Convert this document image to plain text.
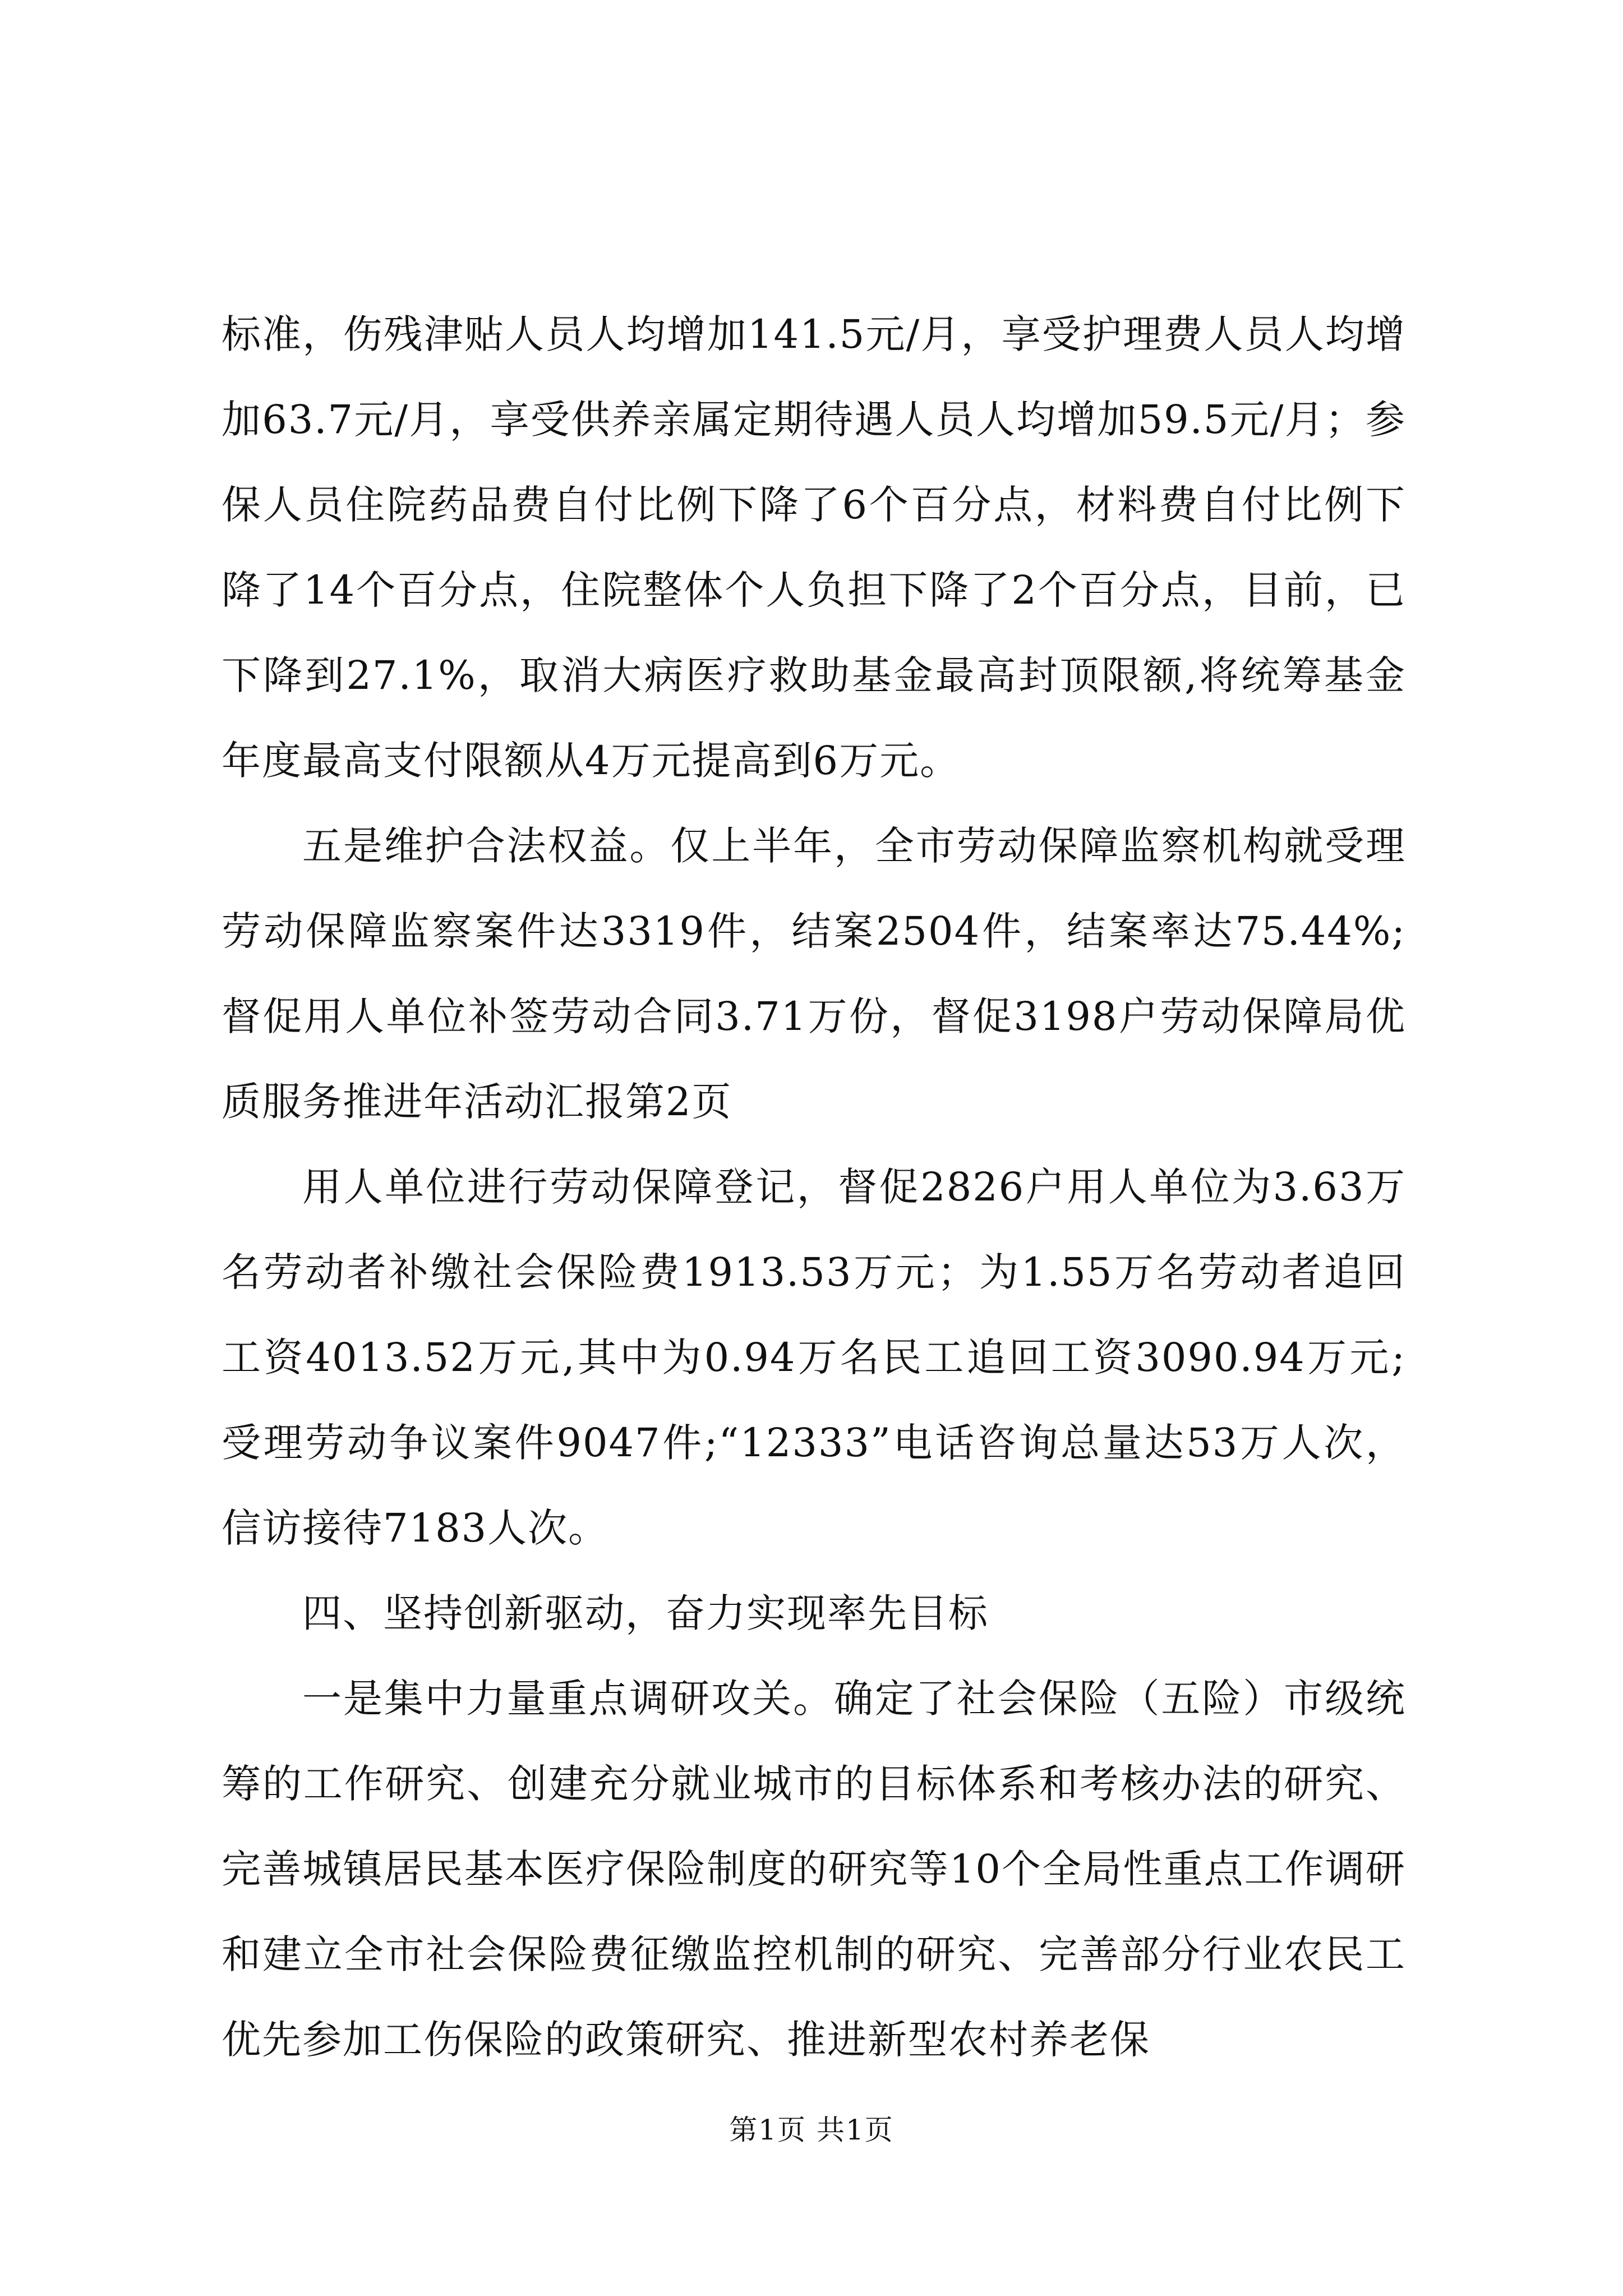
标准，伤残津贴人员人均增加141.5元/月，享受护理费人员人均增加63.7元/月，享受供养亲属定期待遇人员人均增加59.5元/月；参保人员住院药品费自付比例下降了6个百分点，材料费自付比例下降了14个百分点，住院整体个人负担下降了2个百分点，目前，已下降到27.1%，取消大病医疗救助基金最高封顶限额,将统筹基金年度最高支付限额从4万元提高到6万元。

五是维护合法权益。仅上半年，全市劳动保障监察机构就受理劳动保障监察案件达3319件，结案2504件，结案率达75.44%;督促用人单位补签劳动合同3.71万份，督促3198户劳动保障局优质服务推进年活动汇报第2页

用人单位进行劳动保障登记，督促2826户用人单位为3.63万名劳动者补缴社会保险费1913.53万元；为1.55万名劳动者追回工资4013.52万元,其中为0.94万名民工追回工资3090.94万元;受理劳动争议案件9047件;“12333”电话咨询总量达53万人次，信访接待7183人次。

四、坚持创新驱动，奋力实现率先目标

一是集中力量重点调研攻关。确定了社会保险（五险）市级统筹的工作研究、创建充分就业城市的目标体系和考核办法的研究、完善城镇居民基本医疗保险制度的研究等10个全局性重点工作调研和建立全市社会保险费征缴监控机制的研究、完善部分行业农民工优先参加工伤保险的政策研究、推进新型农村养老保

第1页 共1页
